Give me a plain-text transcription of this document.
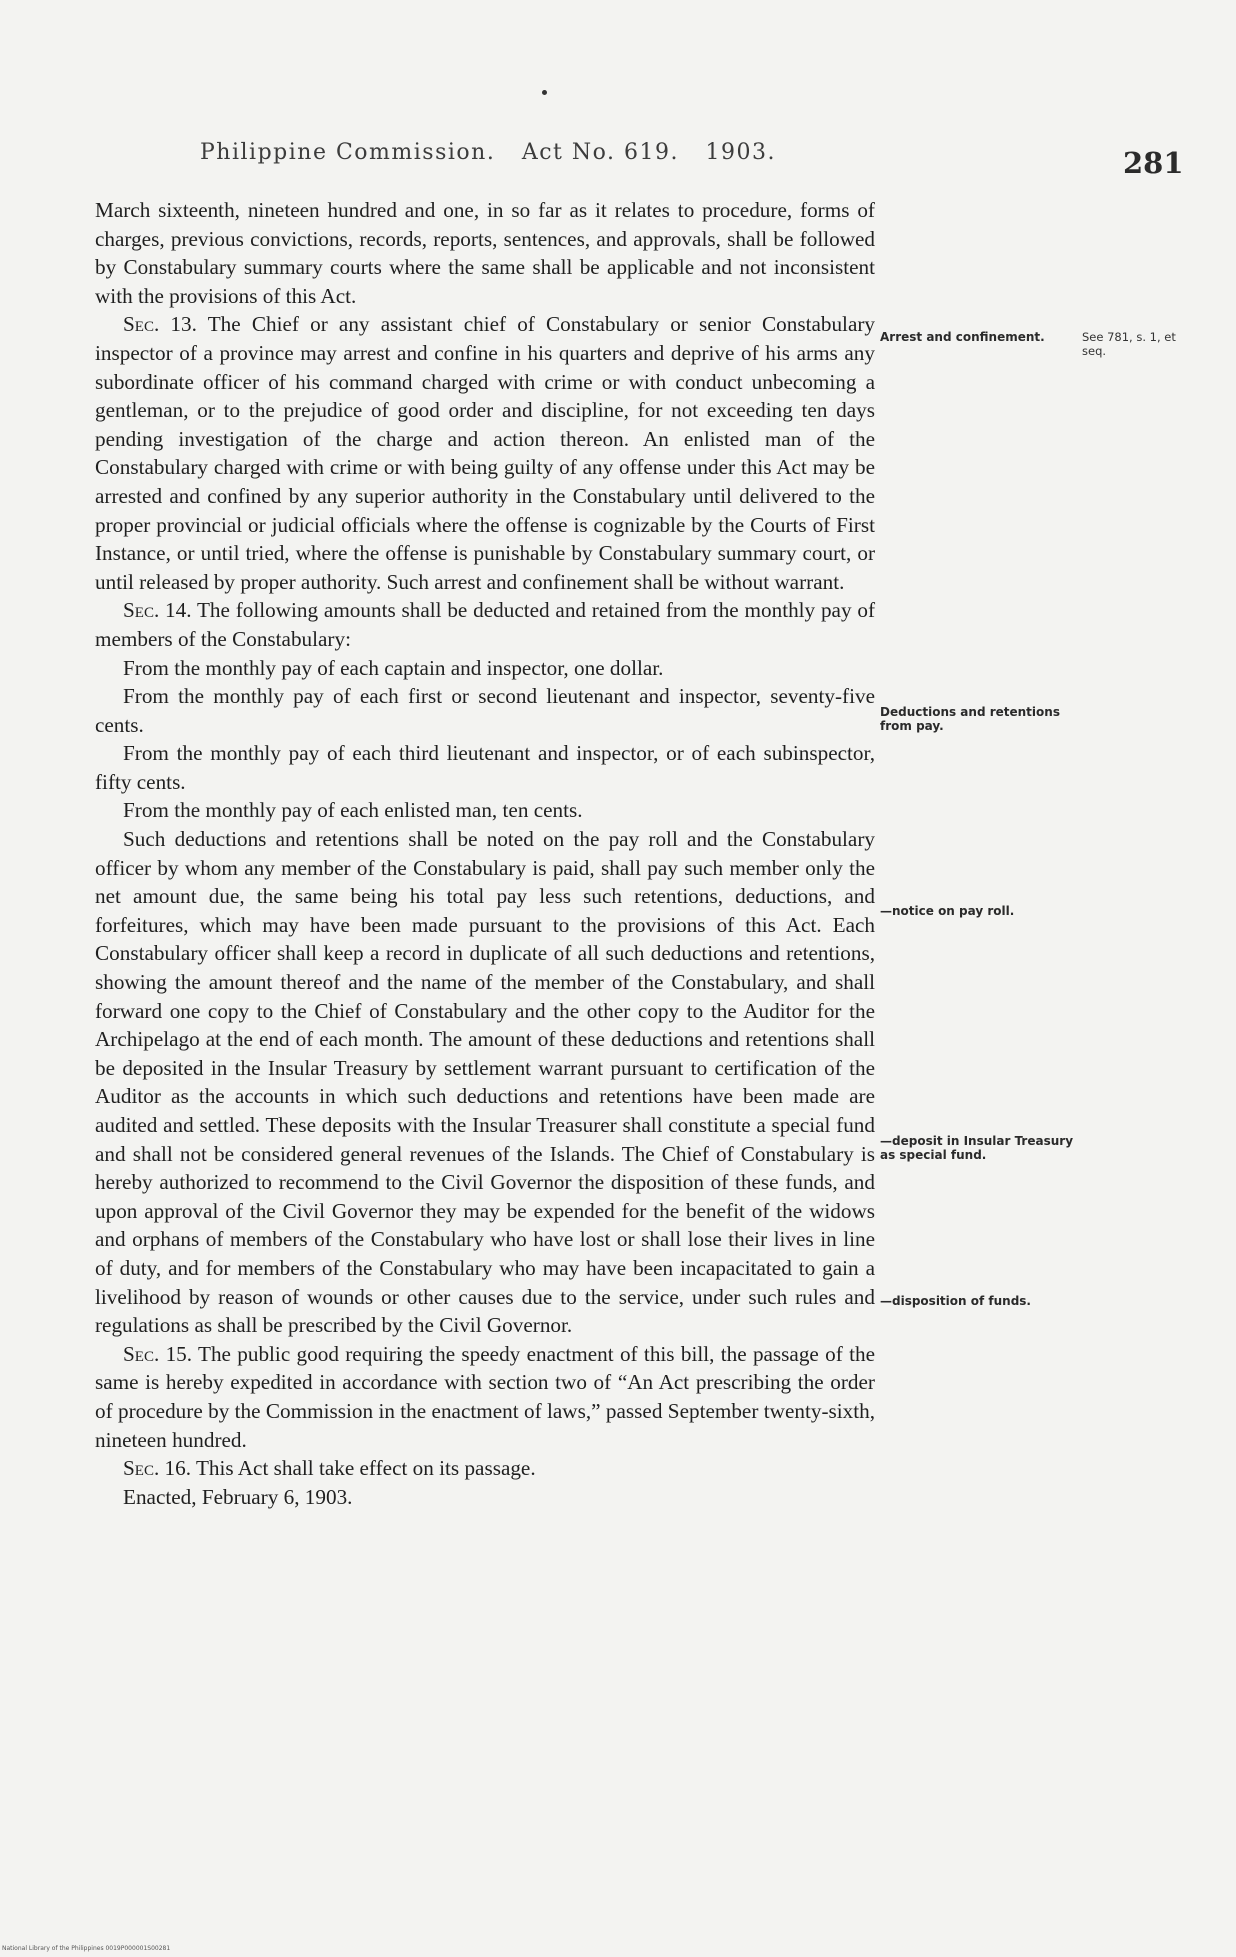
Philippine Commission. Act No. 619. 1903.	281

March sixteenth, nineteen hundred and one, in so far as it relates to procedure, forms of charges, previous convictions, records, reports, sentences, and approvals, shall be followed by Constabulary summary courts where the same shall be applicable and not inconsistent with the provisions of this Act.

Sec. 13. The Chief or any assistant chief of Constabulary or senior Constabulary inspector of a province may arrest and confine in his quarters and deprive of his arms any subordinate officer of his command charged with crime or with conduct unbecoming a gentleman, or to the prejudice of good order and discipline, for not exceeding ten days pending investigation of the charge and action thereon. An enlisted man of the Constabulary charged with crime or with being guilty of any offense under this Act may be arrested and confined by any superior authority in the Constabulary until delivered to the proper provincial or judicial officials where the offense is cognizable by the Courts of First Instance, or until tried, where the offense is punishable by Constabulary summary court, or until released by proper authority. Such arrest and confinement shall be without warrant.

Sec. 14. The following amounts shall be deducted and retained from the monthly pay of members of the Constabulary:

From the monthly pay of each captain and inspector, one dollar.

From the monthly pay of each first or second lieutenant and inspector, seventy-five cents.

From the monthly pay of each third lieutenant and inspector, or of each subinspector, fifty cents.

From the monthly pay of each enlisted man, ten cents.

Such deductions and retentions shall be noted on the pay roll and the Constabulary officer by whom any member of the Constabulary is paid, shall pay such member only the net amount due, the same being his total pay less such retentions, deductions, and forfeitures, which may have been made pursuant to the provisions of this Act. Each Constabulary officer shall keep a record in duplicate of all such deductions and retentions, showing the amount thereof and the name of the member of the Constabulary, and shall forward one copy to the Chief of Constabulary and the other copy to the Auditor for the Archipelago at the end of each month. The amount of these deductions and retentions shall be deposited in the Insular Treasury by settlement warrant pursuant to certification of the Auditor as the accounts in which such deductions and retentions have been made are audited and settled. These deposits with the Insular Treasurer shall constitute a special fund and shall not be considered general revenues of the Islands. The Chief of Constabulary is hereby authorized to recommend to the Civil Governor the disposition of these funds, and upon approval of the Civil Governor they may be expended for the benefit of the widows and orphans of members of the Constabulary who have lost or shall lose their lives in line of duty, and for members of the Constabulary who may have been incapacitated to gain a livelihood by reason of wounds or other causes due to the service, under such rules and regulations as shall be prescribed by the Civil Governor.

Sec. 15. The public good requiring the speedy enactment of this bill, the passage of the same is hereby expedited in accordance with section two of “An Act prescribing the order of procedure by the Commission in the enactment of laws,” passed September twenty-sixth, nineteen hundred.

Sec. 16. This Act shall take effect on its passage.

Enacted, February 6, 1903.

Arrest and confinement.	See 781, s. 1, et seq.
Deductions and retentions from pay.
—notice on pay roll.
—deposit in Insular Treasury as special fund.
—disposition of funds.
National Library of the Philippines 0019P000001S00281
